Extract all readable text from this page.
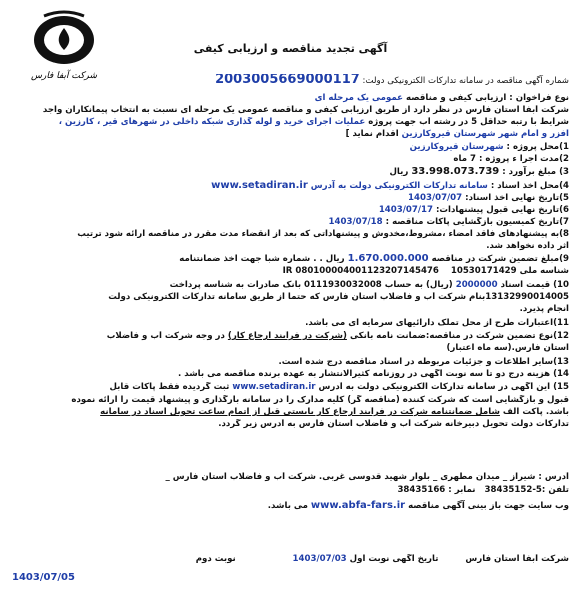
شرکت آبفا فارس
آگهی تجدید مناقصه و ارزیابی کیفی
شماره آگهی مناقصه در سامانه تدارکات الکترونیکی دولت: 2003005669000117
نوع فراخوان : ارزیابی کیفی و مناقصه عمومی یک مرحله ای
شرکت آبفا استان فارس در نظر دارد از طریق ارزیابی کیفی و مناقصه عمومی یک مرحله ای نسبت به انتخاب پیمانکاران واجد
شرایط با رتبه حداقل 5 در رشته آب جهت پروژه عملیات اجرای خرید و لوله گذاری شبکه داخلی در شهرهای قیر ، کارزین ،
افزر و امام شهر شهرستان قیروکارزین اقدام نماید ]
1)محل پروژه : شهرستان قیروکارزین
2)مدت اجرا ء پروژه : 7 ماه
3) مبلغ برآورد : 33.998.073.739 ریال
4)محل اخذ اسناد : سامانه تدارکات الکترونیکی دولت به آدرس www.setadiran.ir
5)تاریخ نهایی اخذ اسناد: 1403/07/07
6)تاریخ نهایی قبول پیشنهادات: 1403/07/17
7)تاریخ کمیسیون بازگشایی پاکات مناقصه : 1403/07/18
8)به پیشنهادهای فاقد امضاء ،مشروط،مخدوش و پیشنهاداتی که بعد از انقضاء مدت مقرر در مناقصه ارائه شود ترتیب
اثر داده نخواهد شد.
9)مبلغ تضمین شرکت در مناقصه 1.670.000.000 ریال . . شماره شبا جهت اخذ ضمانتنامه
شناسه ملی 10530171429    IR 080100004001123207145476
10) قیمت اسناد 2000000 (ریال) به حساب 0111930032008 بانک صادرات به شناسه پرداخت
13132990014005بنام شرکت آب و فاضلاب استان فارس که حتما از طریق سامانه تدارکات الکترونیکی دولت
انجام پذیرد.
11)اعتبارات طرح از محل تملک دارائیهای سرمایه ای می باشد.
12)نوع تضمین شرکت در مناقصه:ضمانت نامه بانکی (شرکت در فرآیند ارجاع کار) در وجه شرکت آب و فاضلاب
استان فارس.(سه ماه اعتبار)
13)سایر اطلاعات و جزئیات مربوطه در اسناد مناقصه درج شده است.
14) هزینه درج دو تا سه نوبت آگهی در روزنامه کثیرالانتشار به عهده برنده مناقصه می باشد .
15) این آگهی در سامانه تدارکات الکترونیکی دولت به آدرس www.setadiran.ir ثبت گردیده فقط پاکات قابل
قبول و بازگشایی است که شرکت کننده (مناقصه گر) کلیه مدارک را در سامانه بارگذاری و پیشنهاد قیمت را ارائه نموده
باشد. پاکت الف شامل ضمانتنامه شرکت در فرآیند ارجاع کار بایستی قبل از اتمام ساعت تحویل اسناد در سامانه
تدارکات دولت تحویل دبیرخانه شرکت آب و فاضلاب استان فارس به آدرس زیر گردد.
آدرس : شیراز _ میدان مطهری _ بلوار شهید قدوسی غربی. شرکت آب و فاضلاب استان فارس _
تلفن :5-38435152   نمابر : 38435166
وب سایت جهت باز بینی آگهی مناقصه www.abfa-fars.ir می باشد.
شرکت آبفا استان فارس         تاریخ آگهی نوبت اول 1403/07/03                   نوبت دوم
1403/07/05
